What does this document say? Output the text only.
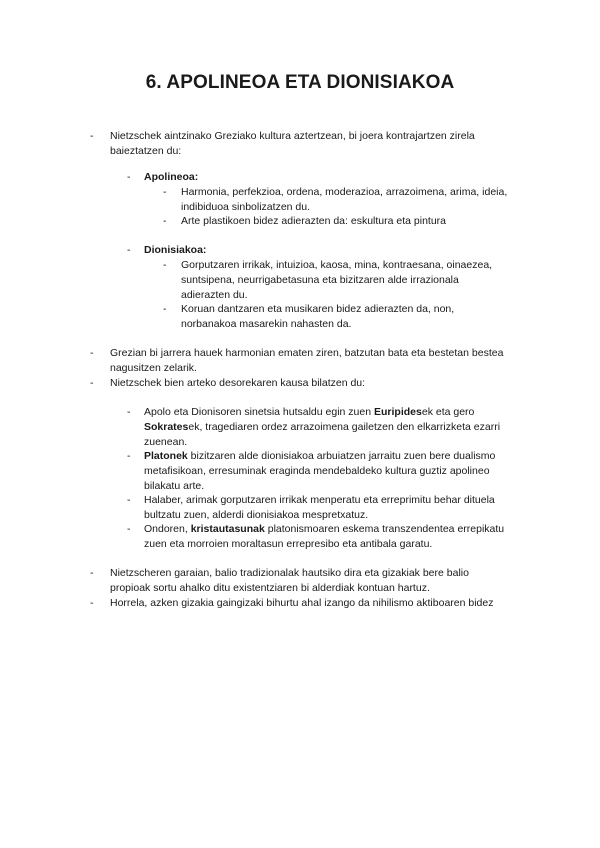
6. APOLINEOA ETA DIONISIAKOA
- Nietzschek aintzinako Greziako kultura aztertzean, bi joera kontrajartzen zirela
baieztatzen du:
- Apolineoa:
- Harmonia, perfekzioa, ordena, moderazioa, arrazoimena, arima, ideia,
indibiduoa sinbolizatzen du.
- Arte plastikoen bidez adierazten da: eskultura eta pintura
- Dionisiakoa:
- Gorputzaren irrikak, intuizioa, kaosa, mina, kontraesana, oinaezea,
suntsipena, neurrigabetasuna eta bizitzaren alde irrazionala
adierazten du.
- Koruan dantzaren eta musikaren bidez adierazten da, non,
norbanakoa masarekin nahasten da.
- Grezian bi jarrera hauek harmonian ematen ziren, batzutan bata eta bestetan bestea
nagusitzen zelarik.
- Nietzschek bien arteko desorekaren kausa bilatzen du:
- Apolo eta Dionisoren sinetsia hutsaldu egin zuen Euripidesek eta gero
Sokratesek, tragediaren ordez arrazoimena gailetzen den elkarrizketa ezarri
zuenean.
- Platonek bizitzaren alde dionisiakoa arbuiatzen jarraitu zuen bere dualismo
metafisikoan, erresuminak eraginda mendebaldeko kultura guztiz apolineo
bilakatu arte.
- Halaber, arimak gorputzaren irrikak menperatu eta erreprimitu behar dituela
bultzatu zuen, alderdi dionisiakoa mespretxatuz.
- Ondoren, kristautasunak platonismoaren eskema transzendentea errepikatu
zuen eta morroien moraltasun errepresibo eta antibala garatu.
- Nietzscheren garaian, balio tradizionalak hautsiko dira eta gizakiak bere balio
propioak sortu ahalko ditu existentziaren bi alderdiak kontuan hartuz.
- Horrela, azken gizakia gaingizaki bihurtu ahal izango da nihilismo aktiboaren bidez
